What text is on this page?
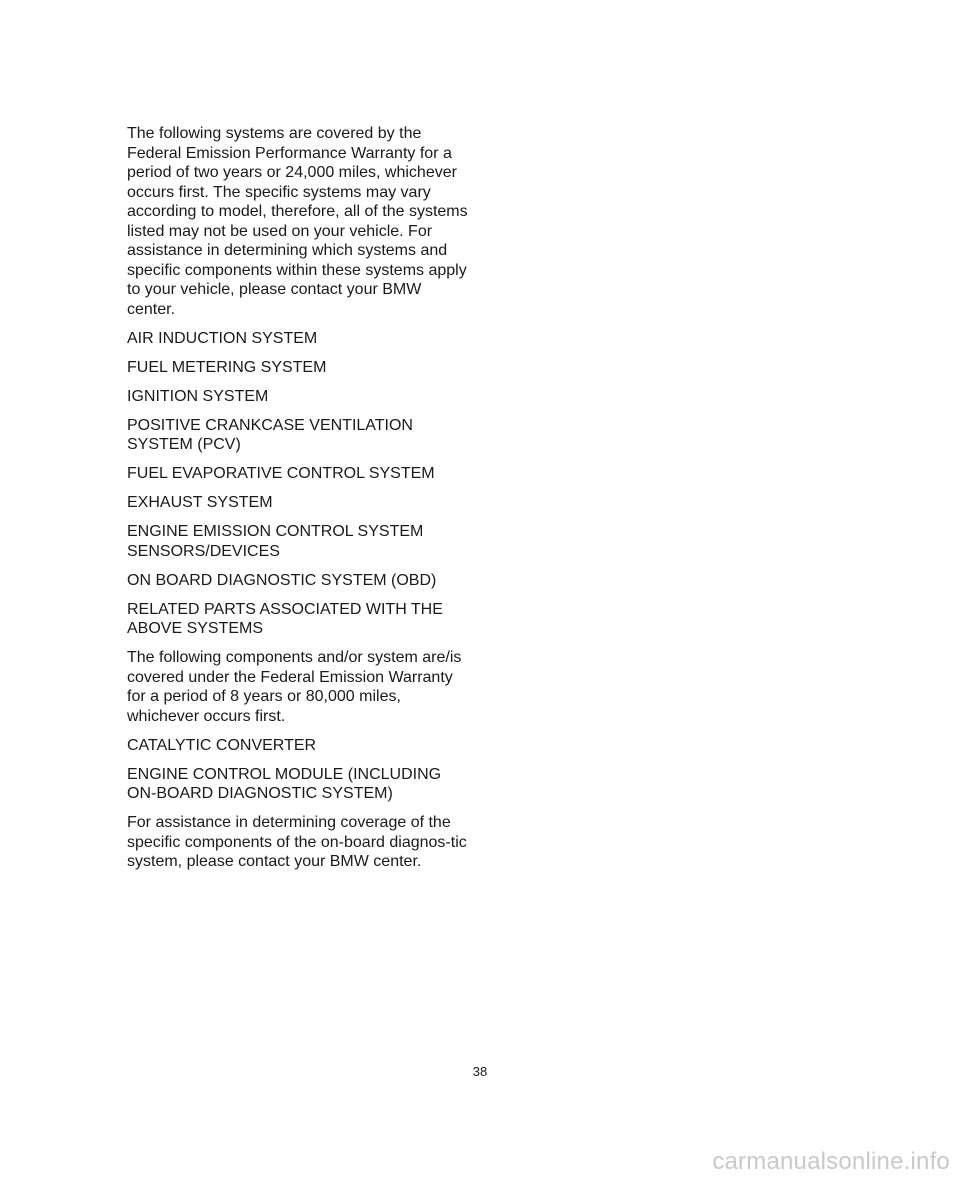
The following systems are covered by the Federal Emission Performance Warranty for a period of two years or 24,000 miles, whichever occurs first. The specific systems may vary according to model, therefore, all of the systems listed may not be used on your vehicle. For assistance in determining which systems and specific components within these systems apply to your vehicle, please contact your BMW center.

AIR INDUCTION SYSTEM

FUEL METERING SYSTEM

IGNITION SYSTEM

POSITIVE CRANKCASE VENTILATION SYSTEM (PCV)

FUEL EVAPORATIVE CONTROL SYSTEM

EXHAUST SYSTEM

ENGINE EMISSION CONTROL SYSTEM SENSORS/DEVICES

ON BOARD DIAGNOSTIC SYSTEM (OBD)

RELATED PARTS ASSOCIATED WITH THE ABOVE SYSTEMS

The following components and/or system are/is covered under the Federal Emission Warranty for a period of 8 years or 80,000 miles, whichever occurs first.

CATALYTIC CONVERTER

ENGINE CONTROL MODULE (INCLUDING ON-BOARD DIAGNOSTIC SYSTEM)

For assistance in determining coverage of the specific components of the on-board diagnos-tic system, please contact your BMW center.

38
carmanualsonline.info
